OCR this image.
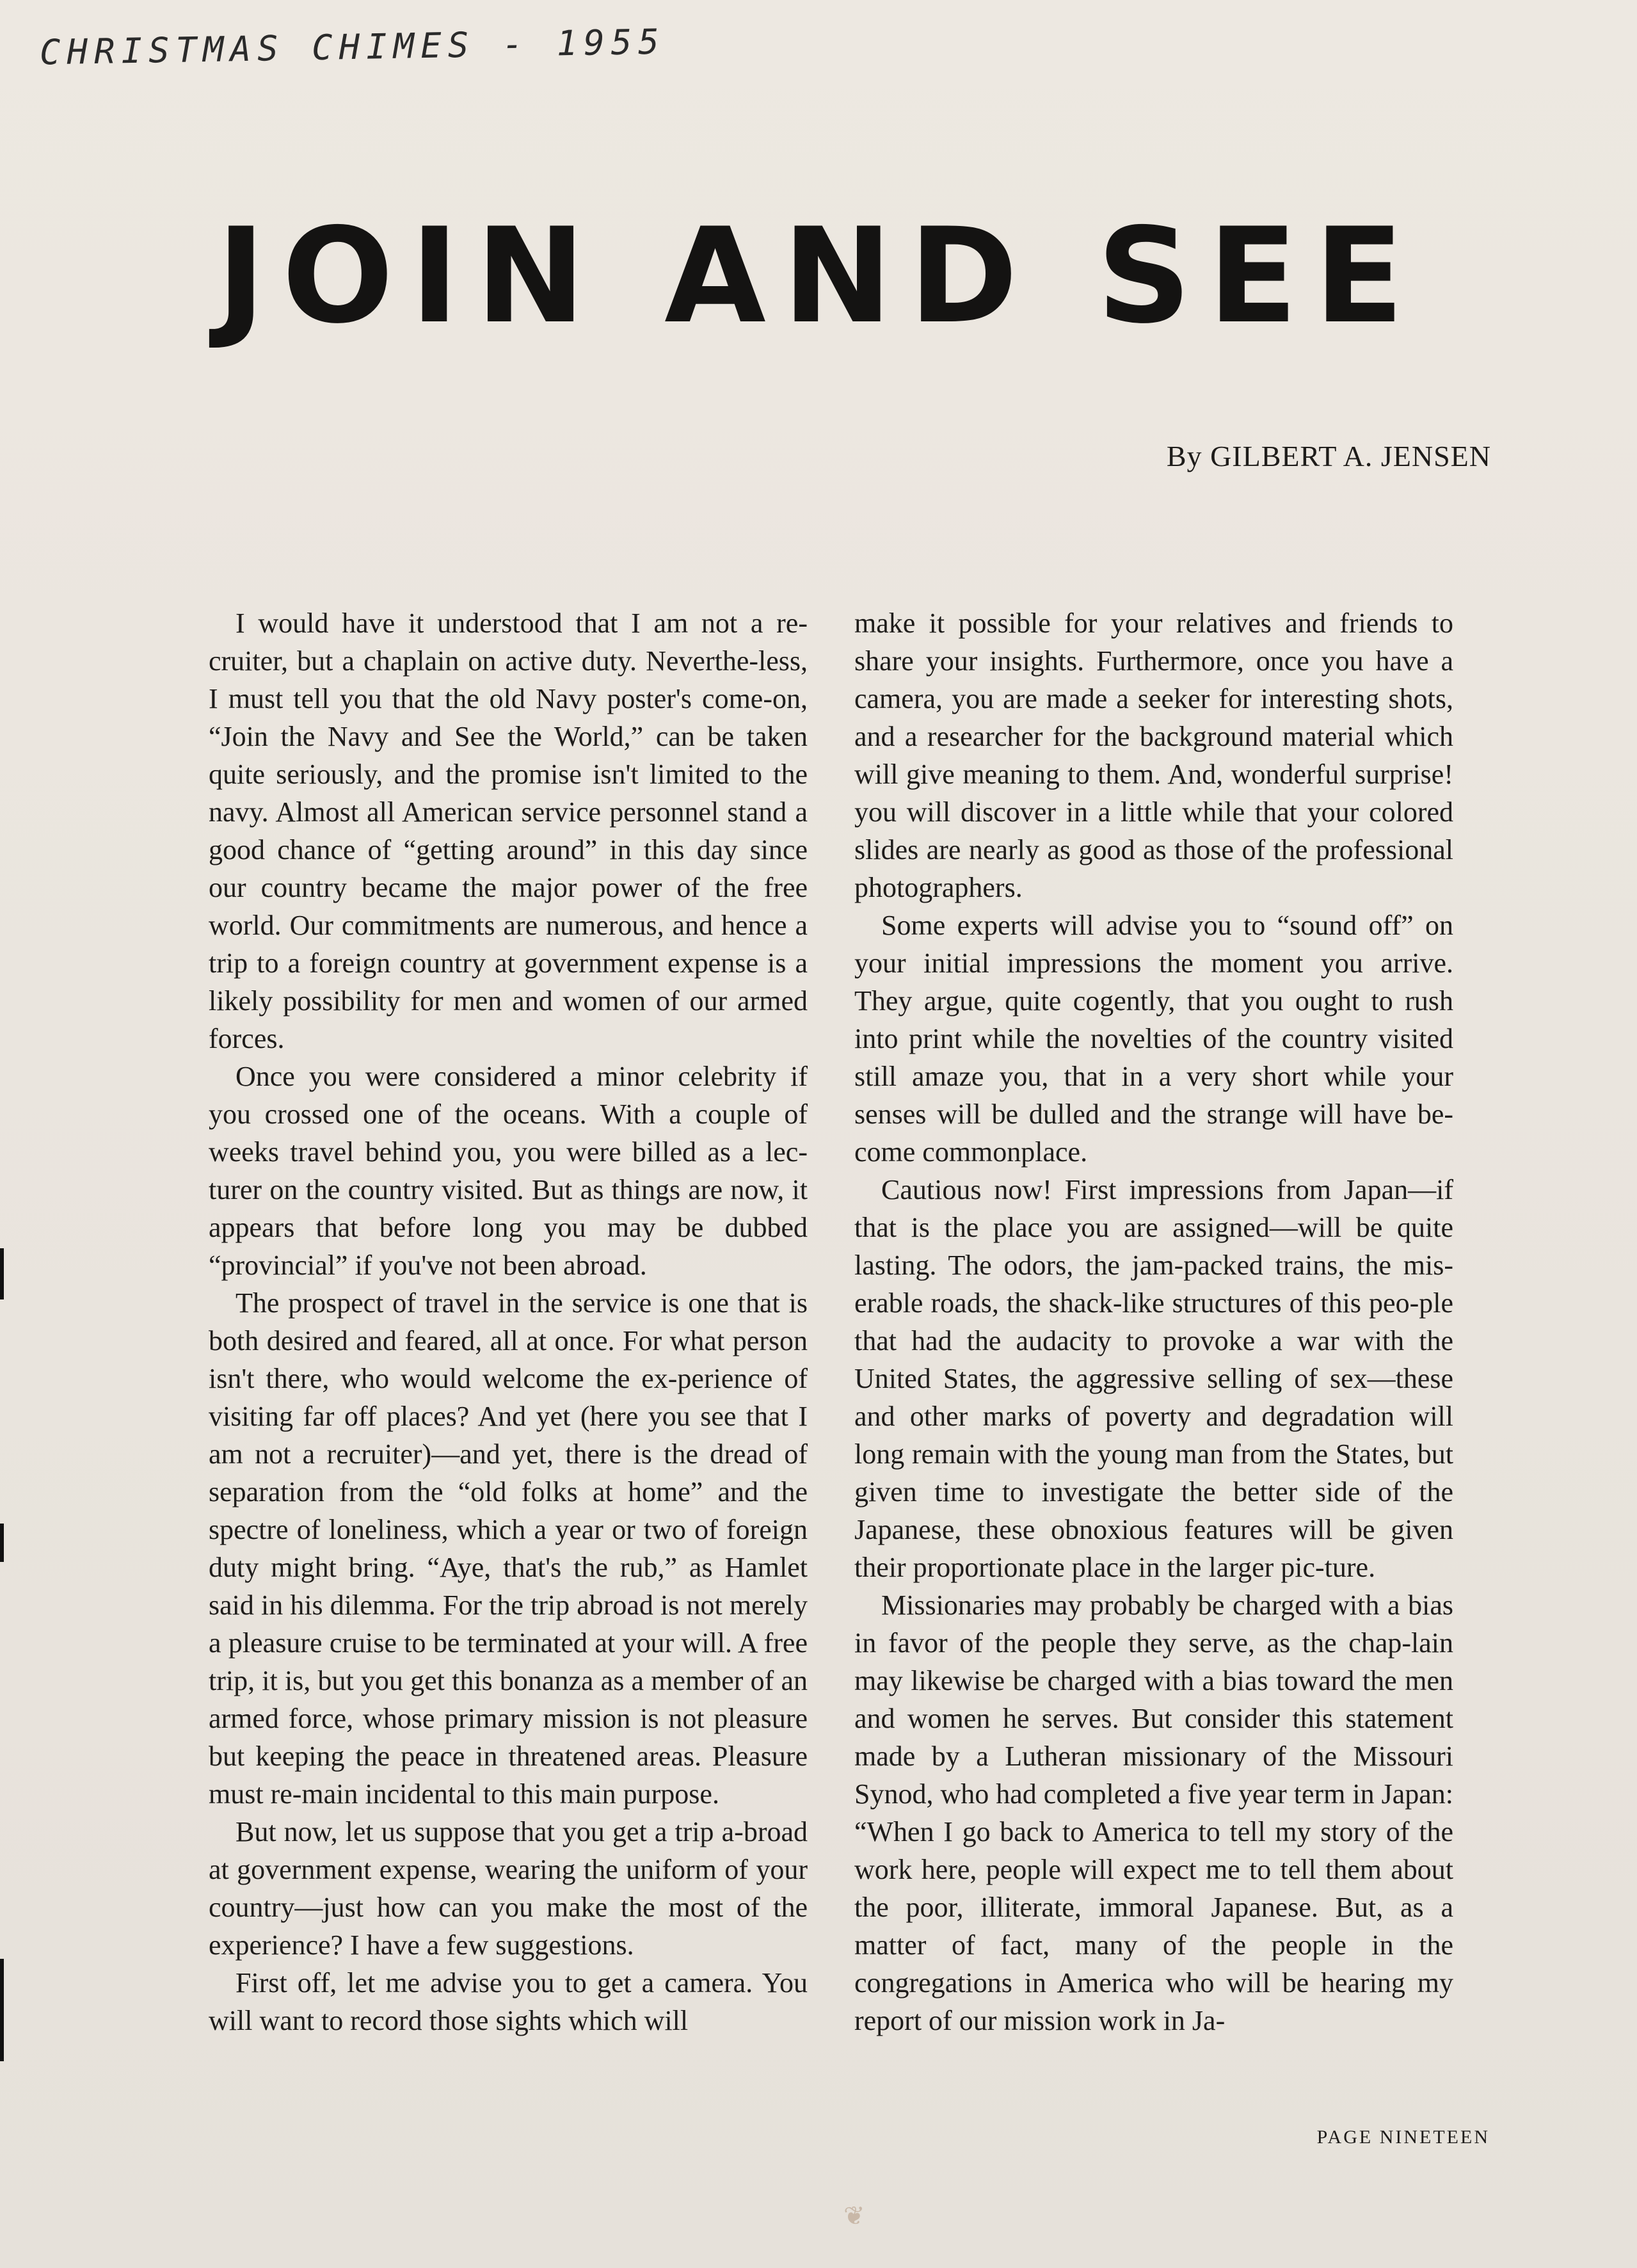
CHRISTMAS CHIMES - 1955
JOIN AND SEE
By GILBERT A. JENSEN

I would have it understood that I am not a re-cruiter, but a chaplain on active duty. Neverthe-less, I must tell you that the old Navy poster's come-on, “Join the Navy and See the World,” can be taken quite seriously, and the promise isn't limited to the navy. Almost all American service personnel stand a good chance of “getting around” in this day since our country became the major power of the free world. Our commitments are numerous, and hence a trip to a foreign country at government expense is a likely possibility for men and women of our armed forces.

Once you were considered a minor celebrity if you crossed one of the oceans. With a couple of weeks travel behind you, you were billed as a lec-turer on the country visited. But as things are now, it appears that before long you may be dubbed “provincial” if you've not been abroad.

The prospect of travel in the service is one that is both desired and feared, all at once. For what person isn't there, who would welcome the ex-perience of visiting far off places? And yet (here you see that I am not a recruiter)—and yet, there is the dread of separation from the “old folks at home” and the spectre of loneliness, which a year or two of foreign duty might bring. “Aye, that's the rub,” as Hamlet said in his dilemma. For the trip abroad is not merely a pleasure cruise to be terminated at your will. A free trip, it is, but you get this bonanza as a member of an armed force, whose primary mission is not pleasure but keeping the peace in threatened areas. Pleasure must re-main incidental to this main purpose.

But now, let us suppose that you get a trip a-broad at government expense, wearing the uniform of your country—just how can you make the most of the experience? I have a few suggestions.

First off, let me advise you to get a camera. You will want to record those sights which will

make it possible for your relatives and friends to share your insights. Furthermore, once you have a camera, you are made a seeker for interesting shots, and a researcher for the background material which will give meaning to them. And, wonderful surprise! you will discover in a little while that your colored slides are nearly as good as those of the professional photographers.

Some experts will advise you to “sound off” on your initial impressions the moment you arrive. They argue, quite cogently, that you ought to rush into print while the novelties of the country visited still amaze you, that in a very short while your senses will be dulled and the strange will have be-come commonplace.

Cautious now! First impressions from Japan—if that is the place you are assigned—will be quite lasting. The odors, the jam-packed trains, the mis-erable roads, the shack-like structures of this peo-ple that had the audacity to provoke a war with the United States, the aggressive selling of sex—these and other marks of poverty and degradation will long remain with the young man from the States, but given time to investigate the better side of the Japanese, these obnoxious features will be given their proportionate place in the larger pic-ture.

Missionaries may probably be charged with a bias in favor of the people they serve, as the chap-lain may likewise be charged with a bias toward the men and women he serves. But consider this statement made by a Lutheran missionary of the Missouri Synod, who had completed a five year term in Japan: “When I go back to America to tell my story of the work here, people will expect me to tell them about the poor, illiterate, immoral Japanese. But, as a matter of fact, many of the people in the congregations in America who will be hearing my report of our mission work in Ja-

PAGE NINETEEN
❦
